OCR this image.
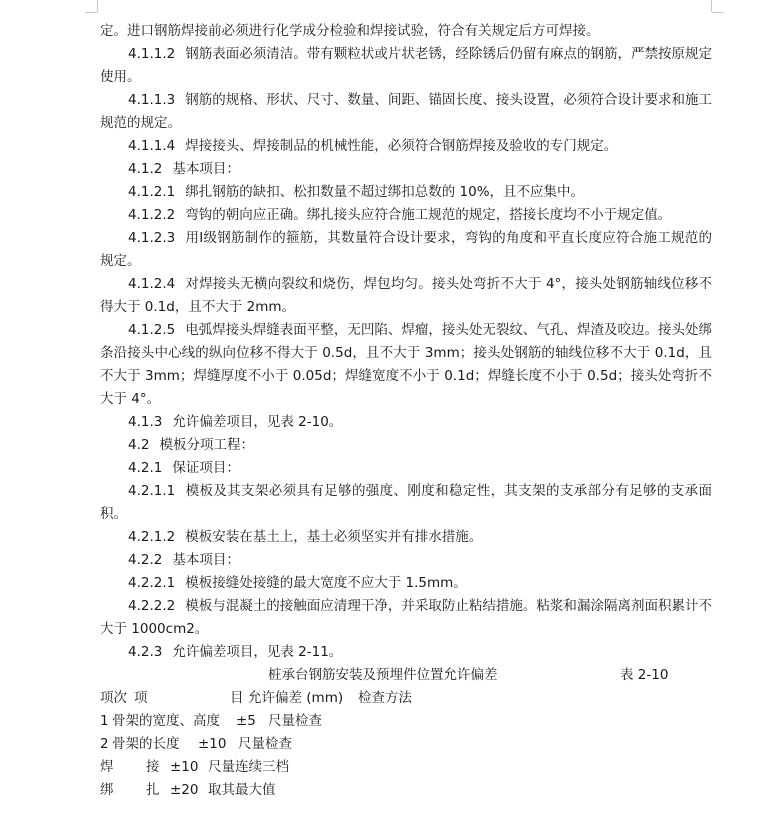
定。进口钢筋焊接前必须进行化学成分检验和焊接试验，符合有关规定后方可焊接。

4.1.1.2 钢筋表面必须清洁。带有颗粒状或片状老锈，经除锈后仍留有麻点的钢筋，严禁按原规定使用。

4.1.1.3 钢筋的规格、形状、尺寸、数量、间距、锚固长度、接头设置，必须符合设计要求和施工规范的规定。

4.1.1.4 焊接接头、焊接制品的机械性能，必须符合钢筋焊接及验收的专门规定。

4.1.2 基本项目：

4.1.2.1 绑扎钢筋的缺扣、松扣数量不超过绑扣总数的 10%，且不应集中。

4.1.2.2 弯钩的朝向应正确。绑扎接头应符合施工规范的规定，搭接长度均不小于规定值。

4.1.2.3 用Ⅰ级钢筋制作的箍筋，其数量符合设计要求，弯钩的角度和平直长度应符合施工规范的规定。

4.1.2.4 对焊接头无横向裂纹和烧伤，焊包均匀。接头处弯折不大于 4°，接头处钢筋轴线位移不得大于 0.1d，且不大于 2mm。

4.1.2.5 电弧焊接头焊缝表面平整，无凹陷、焊瘤，接头处无裂纹、气孔、焊渣及咬边。接头处绑条沿接头中心线的纵向位移不得大于 0.5d，且不大于 3mm；接头处钢筋的轴线位移不大于 0.1d，且不大于 3mm；焊缝厚度不小于 0.05d；焊缝宽度不小于 0.1d；焊缝长度不小于 0.5d；接头处弯折不大于 4°。

4.1.3 允许偏差项目，见表 2-10。

4.2 模板分项工程：

4.2.1 保证项目：

4.2.1.1 模板及其支架必须具有足够的强度、刚度和稳定性，其支架的支承部分有足够的支承面积。

4.2.1.2 模板安装在基土上，基土必须坚实并有排水措施。

4.2.2 基本项目：

4.2.2.1 模板接缝处接缝的最大宽度不应大于 1.5mm。

4.2.2.2 模板与混凝土的接触面应清理干净，并采取防止粘结措施。粘浆和漏涂隔离剂面积累计不大于 1000cm2。

4.2.3 允许偏差项目，见表 2-11。

桩承台钢筋安装及预埋件位置允许偏差	表 2-10
项次 项	目 允许偏差 (mm)	检查方法
1 骨架的宽度、高度	±5 尺量检查
2 骨架的长度	±10 尺量检查
焊	接 ±10 尺量连续三档
绑	扎 ±20 取其最大值
